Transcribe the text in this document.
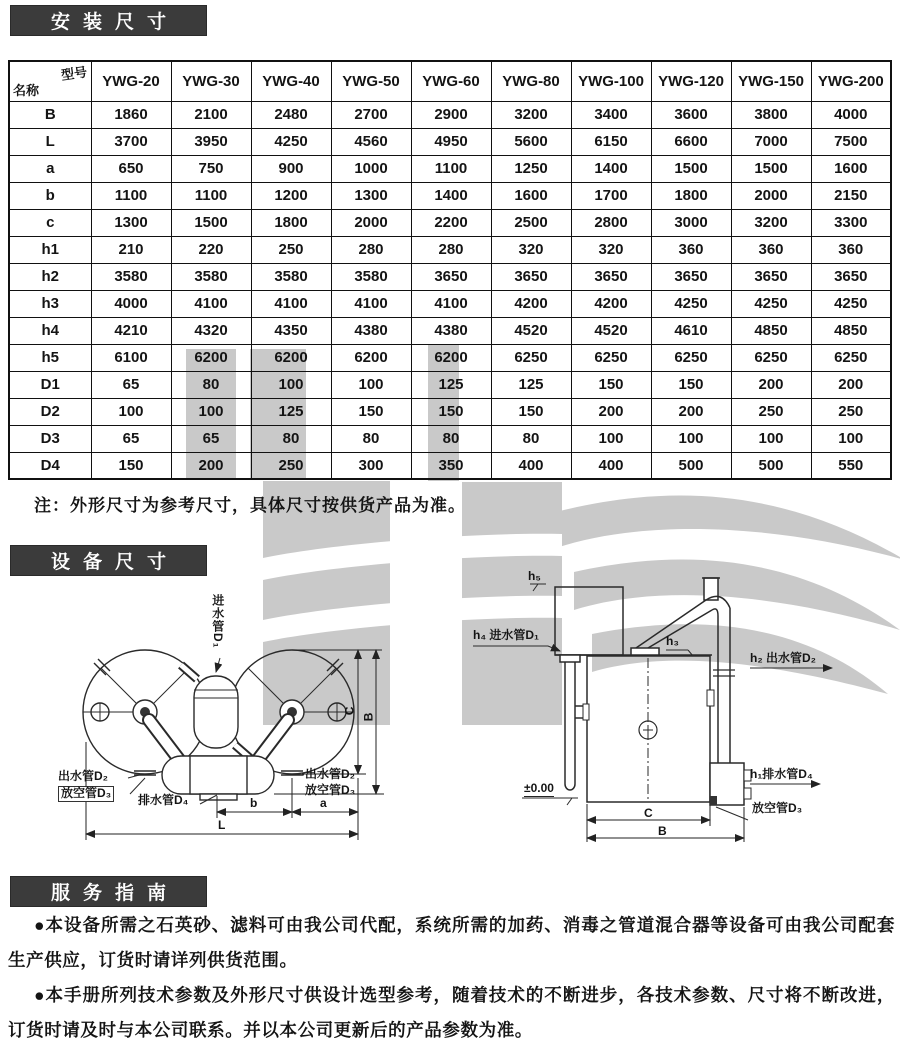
安装尺寸
型号
名称	YWG-20	YWG-30	YWG-40	YWG-50	YWG-60	YWG-80	YWG-100	YWG-120	YWG-150	YWG-200
B	1860	2100	2480	2700	2900	3200	3400	3600	3800	4000
L	3700	3950	4250	4560	4950	5600	6150	6600	7000	7500
a	650	750	900	1000	1100	1250	1400	1500	1500	1600
b	1100	1100	1200	1300	1400	1600	1700	1800	2000	2150
c	1300	1500	1800	2000	2200	2500	2800	3000	3200	3300
h1	210	220	250	280	280	320	320	360	360	360
h2	3580	3580	3580	3580	3650	3650	3650	3650	3650	3650
h3	4000	4100	4100	4100	4100	4200	4200	4250	4250	4250
h4	4210	4320	4350	4380	4380	4520	4520	4610	4850	4850
h5	6100	6200	6200	6200	6200	6250	6250	6250	6250	6250
D1	65	80	100	100	125	125	150	150	200	200
D2	100	100	125	150	150	150	200	200	250	250
D3	65	65	80	80	80	80	100	100	100	100
D4	150	200	250	300	350	400	400	500	500	550
注：外形尺寸为参考尺寸，具体尺寸按供货产品为准。
设备尺寸
进水管D₁
出水管D₂
放空管D₃ 排水管D₄
出水管D₂
放空管D₃
b	a
L
C
B
h₅
h₄ 进水管D₁	h₃
h₂ 出水管D₂
h₁排水管D₄
放空管D₃
±0.00
C
B
服务指南

●本设备所需之石英砂、滤料可由我公司代配，系统所需的加药、消毒之管道混合器等设备可由我公司配套生产供应，订货时请详列供货范围。

●本手册所列技术参数及外形尺寸供设计选型参考，随着技术的不断进步，各技术参数、尺寸将不断改进，订货时请及时与本公司联系。并以本公司更新后的产品参数为准。
